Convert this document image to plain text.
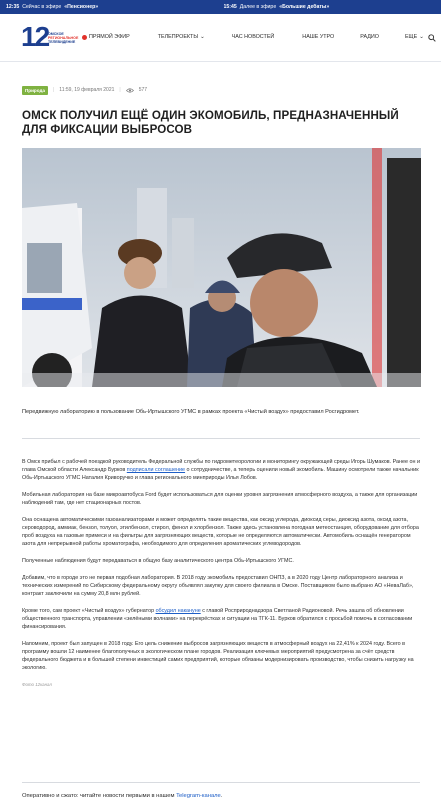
12:35 Сейчас в эфире «Пенсионер»	15:45 Далее в эфире «Большие дебаты»
12 ОМСКОЕ
РЕГИОНАЛЬНОЕ
ТЕЛЕВИДЕНИЕ
ПРЯМОЙ ЭФИР	ТЕЛЕПРОЕКТЫ ⌄	ЧАС НОВОСТЕЙ	НАШЕ УТРО	РАДИО	ЕЩЕ ⌄
Природа	| 11:59, 19 февраля 2021 |	577
ОМСК ПОЛУЧИЛ ЕЩЁ ОДИН ЭКОМОБИЛЬ, ПРЕДНАЗНАЧЕННЫЙ ДЛЯ ФИКСАЦИИ ВЫБРОСОВ

Передвижную лабораторию в пользование Обь-Иртышского УГМС в рамках проекта «Чистый воздух» предоставил Росгидромет.

В Омск прибыл с рабочей поездкой руководитель Федеральной службы по гидрометеорологии и мониторингу окружающей среды Игорь Шумаков. Ранее он и глава Омской области Александр Бурков подписали соглашение о сотрудничестве, а теперь оценили новый экомобиль. Машину осмотрели также начальник Обь-Иртышского УГМС Наталия Криворучко и глава регионального минприроды Илья Лобов.

Мобильная лаборатория на базе микроавтобуса Ford будет использоваться для оценки уровня загрязнения атмосферного воздуха, а также для организации наблюдений там, где нет стационарных постов.

Она оснащена автоматическими газоанализаторами и может определять такие вещества, как оксид углерода, диоксид серы, диоксид азота, оксид азота, сероводород, аммиак, бензол, толуол, этилбензол, стирол, фенол и хлорбензол. Также здесь установлена погодная метеостанция, оборудование для отбора проб воздуха на газовые примеси и на фильтры для загрязняющих веществ, которые не определяются автоматически. Автомобиль оснащён генератором азота для непрерывной работы хроматографа, необходимого для определения ароматических углеводородов.

Полученные наблюдения будут передаваться в общую базу аналитического центра Обь-Иртышского УГМС.

Добавим, что в городе это не первая подобная лаборатория. В 2018 году экомобиль предоставил ОНПЗ, а в 2020 году Центр лабораторного анализа и технических измерений по Сибирскому федеральному округу объявлял закупку для своего филиала в Омске. Поставщиком было выбрано АО «НеваЛаб», контракт заключили на сумму 20,8 млн рублей.

Кроме того, сам проект «Чистый воздух» губернатор обсудил накануне с главой Росприроднадзора Светланой Радионовой. Речь зашла об обновлении общественного транспорта, управлении «зелёными волнами» на перекрёстках и ситуации на ТГК-11. Бурков обратился с просьбой помочь в согласовании финансирования.

Напомним, проект был запущен в 2018 году. Его цель снижение выбросов загрязняющих веществ в атмосферный воздух на 22,41% к 2024 году. Всего в программу вошли 12 наименее благополучных в экологическом плане городов. Реализация ключевых мероприятий предусмотрена за счёт средств федерального бюджета и в большей степени инвестиций самих предприятий, которые обязаны модернизировать производство, чтобы снизить нагрузку на экологию.

Фото 12канал
Оперативно и сжато: читайте новости первыми в нашем Telegram-канале.
